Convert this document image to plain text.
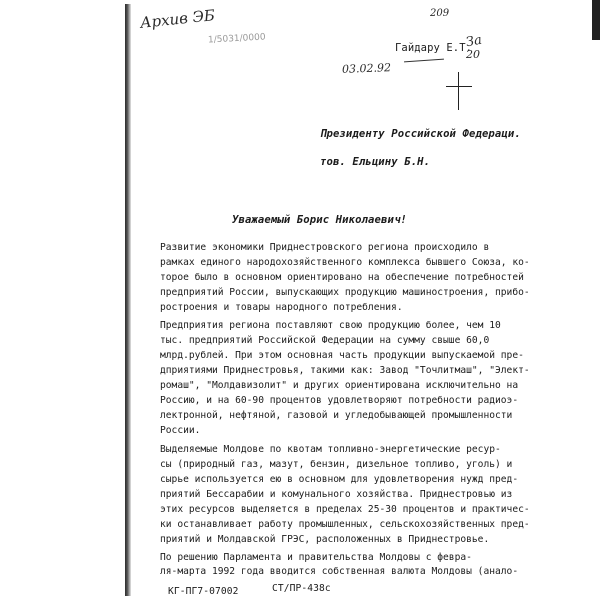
Архив ЭБ
1/5031/0000
209
Гайдару Е.Т.
За
20
03.02.92
Президенту Российской Федераци.
тов. Ельцину Б.Н.
Уважаемый Борис Николаевич!
Развитие экономики Приднестровского региона происходило в
рамках единого народохозяйственного комплекса бывшего Союза, ко-
торое было в основном ориентировано на обеспечение потребностей
предприятий России, выпускающих продукцию машиностроения, прибо-
ростроения и товары народного потребления.
Предприятия региона поставляют свою продукцию более, чем 10
тыс. предприятий Российской Федерации на сумму свыше 60,0
млрд.рублей. При этом основная часть продукции выпускаемой пре-
дприятиями Приднестровья, такими как: Завод "Точлитмаш", "Элект-
ромаш", "Молдавизолит" и других ориентирована исключительно на
Россию, и на 60-90 процентов удовлетворяют потребности радиоэ-
лектронной, нефтяной, газовой и угледобывающей промышленности
России.
Выделяемые Молдове по квотам топливно-энергетические ресур-
сы (природный газ, мазут, бензин, дизельное топливо, уголь) и
сырье используется ею в основном для удовлетворения нужд пред-
приятий Бессарабии и комунального хозяйства. Приднестровью из
этих ресурсов выделяется в пределах 25-30 процентов и практичес-
ки останавливает работу промышленных, сельскохозяйственных пред-
приятий и Молдавской ГРЭС, расположенных в Приднестровье.
По решению Парламента и правительства Молдовы с февра-
ля-марта 1992 года вводится собственная валюта Молдовы (анало-
СТ/ПР-438с
КГ-ПГ7-07002
